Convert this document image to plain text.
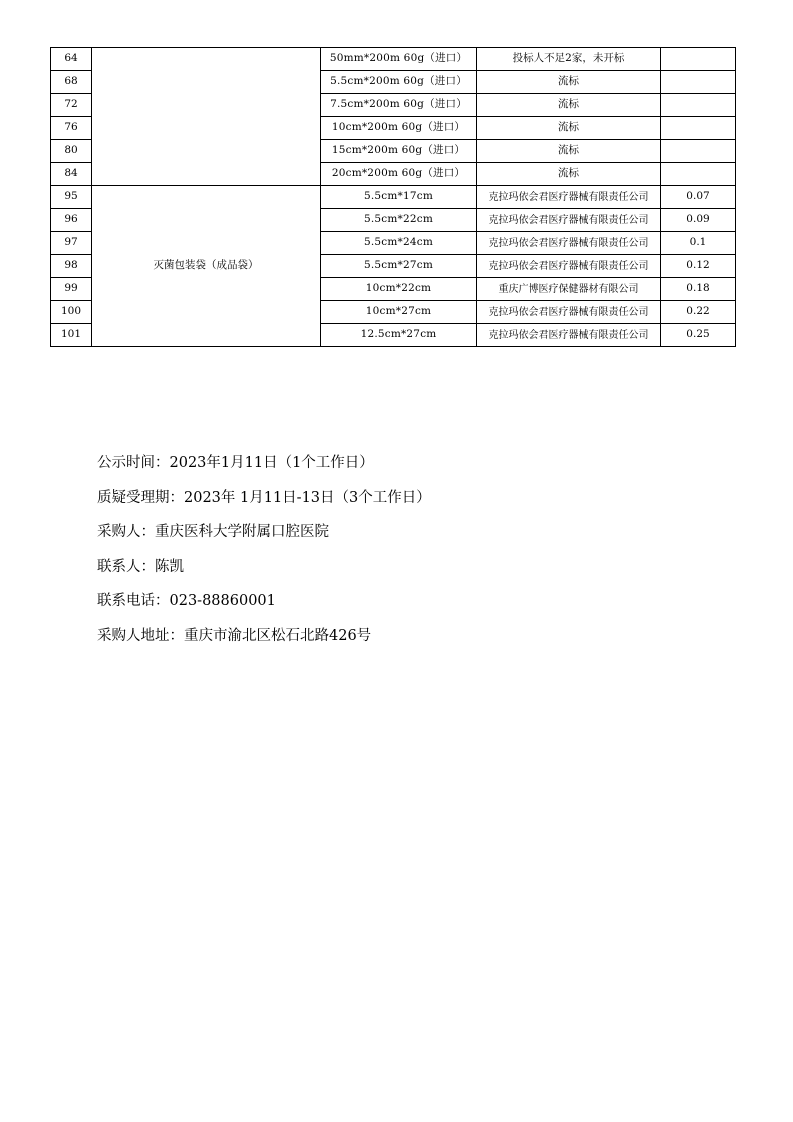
64		50mm*200m 60g（进口）	投标人不足2家，未开标	
68		5.5cm*200m 60g（进口）	流标	
72		7.5cm*200m 60g（进口）	流标	
76		10cm*200m 60g（进口）	流标	
80		15cm*200m 60g（进口）	流标	
84		20cm*200m 60g（进口）	流标	
95	灭菌包装袋（成品袋）	5.5cm*17cm	克拉玛依会君医疗器械有限责任公司	0.07
96		5.5cm*22cm	克拉玛依会君医疗器械有限责任公司	0.09
97		5.5cm*24cm	克拉玛依会君医疗器械有限责任公司	0.1
98		5.5cm*27cm	克拉玛依会君医疗器械有限责任公司	0.12
99		10cm*22cm	重庆广博医疗保健器材有限公司	0.18
100		10cm*27cm	克拉玛依会君医疗器械有限责任公司	0.22
101		12.5cm*27cm	克拉玛依会君医疗器械有限责任公司	0.25

公示时间：2023年1月11日（1个工作日）

质疑受理期：2023年 1月11日-13日（3个工作日）

采购人：重庆医科大学附属口腔医院

联系人：陈凯

联系电话：023-88860001

采购人地址：重庆市渝北区松石北路426号
